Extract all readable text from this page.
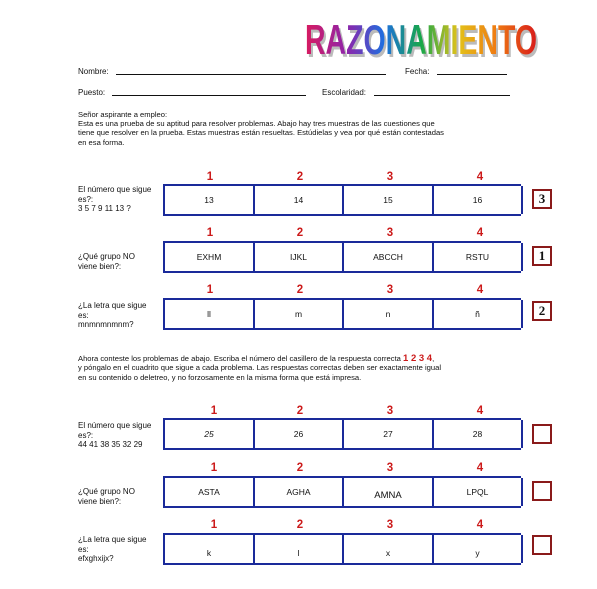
RAZONAMIENTO
RAZONAMIENTO
Nombre:	Fecha:
Puesto:	Escolaridad:
Señor aspirante a empleo:
Esta es una prueba de su aptitud para resolver problemas. Abajo hay tres muestras de las cuestiones que
tiene que resolver en la prueba. Estas muestras están resueltas. Estúdielas y vea por qué están contestadas
en esa forma.
1	2	3	4
El número que sigue
es?:
3 5 7 9 11 13 ?
13	14	15	16	3
1	2	3	4
¿Qué grupo NO
viene bien?:
EXHM	IJKL	ABCCH	RSTU	1
1	2	3	4
¿La letra que sigue
es:
mnmnmnmnm?
ll	m	n	ñ	2
Ahora conteste los problemas de abajo. Escriba el número del casillero de la respuesta correcta 1 2 3 4,
y póngalo en el cuadrito que sigue a cada problema. Las respuestas correctas deben ser exactamente igual
en su contenido o deletreo, y no forzosamente en la misma forma que está impresa.
1	2	3	4
El número que sigue
es?:
44 41 38 35 32 29
25	26	27	28
1	2	3	4
¿Qué grupo NO
viene bien?:
ASTA	AGHA	AMNA	LPQL
1	2	3	4
¿La letra que sigue
es:
efxghxijx?
k	l	x	y
